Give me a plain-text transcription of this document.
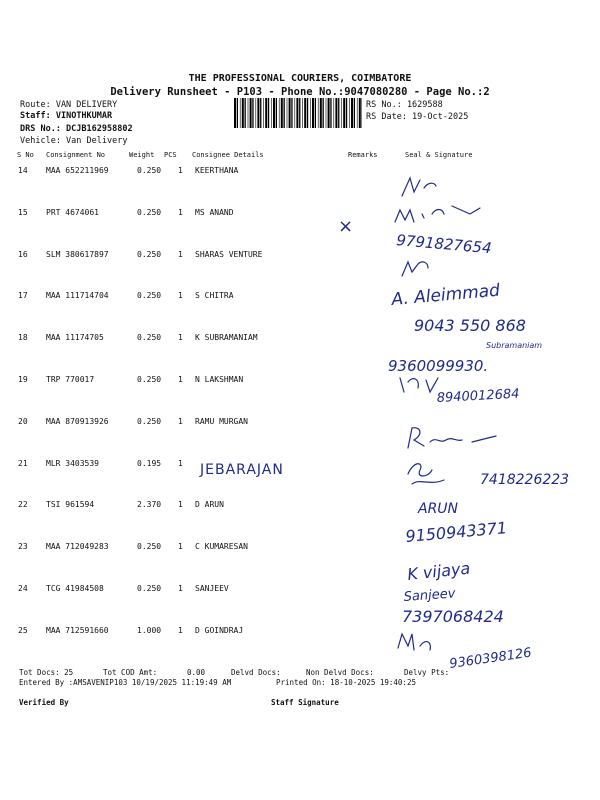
THE PROFESSIONAL COURIERS, COIMBATORE
Delivery Runsheet - P103 - Phone No.:9047080280 - Page No.:2
Route: VAN DELIVERY
Staff: VINOTHKUMAR
DRS No.: DCJB162958802
Vehicle: Van Delivery
RS No.: 1629588
RS Date: 19-Oct-2025
S No Consignment No	Weight PCS Consignee Details	Remarks	Seal & Signature
14 MAA 652211969	0.250 1 KEERTHANA
15 PRT 4674061	0.250 1 MS ANAND
16 SLM 380617897	0.250 1 SHARAS VENTURE
17 MAA 111714704	0.250 1 S CHITRA
18 MAA 11174705	0.250 1 K SUBRAMANIAM
19 TRP 770017	0.250 1 N LAKSHMAN
20 MAA 870913926	0.250 1 RAMU MURGAN
21 MLR 3403539	0.195 1
22 TSI 961594	2.370 1 D ARUN
23 MAA 712049283	0.250 1 C KUMARESAN
24 TCG 41984508	0.250 1 SANJEEV
25 MAA 712591660	1.000 1 D GOINDRAJ
×
9791827654
A. Aleimmad
9043 550 868
Subramaniam
9360099930.
8940012684
JEBARAJAN
7418226223
ARUN
9150943371
K vijaya
Sanjeev
7397068424
9360398126
Tot Docs: 25	Tot COD Amt:	0.00	Delvd Docs:	Non Delvd Docs:	Delvy Pts:
Entered By :AMSAVENIP103 10/19/2025 11:19:49 AM	Printed On: 18-10-2025 19:40:25
Verified By	Staff Signature
